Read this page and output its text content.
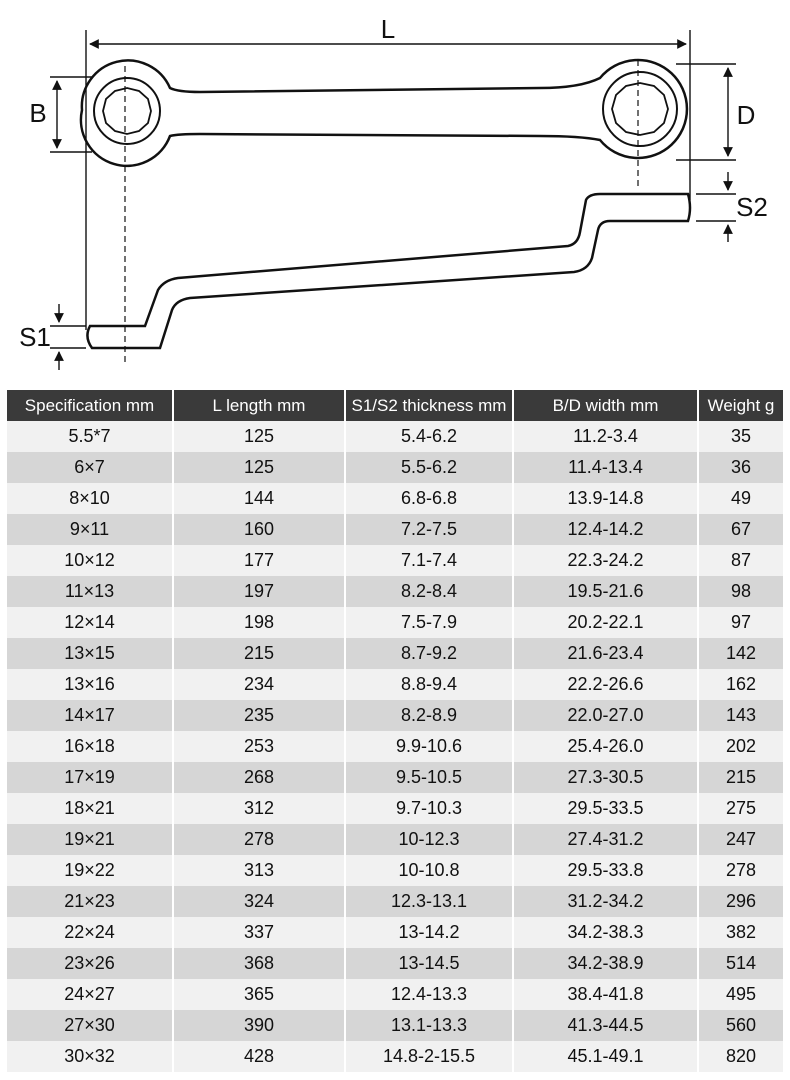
L
B	D
S2
S1
Specification mm	L length mm	S1/S2 thickness mm	B/D width mm	Weight g
5.5*7	125	5.4-6.2	11.2-3.4	35
6×7	125	5.5-6.2	11.4-13.4	36
8×10	144	6.8-6.8	13.9-14.8	49
9×11	160	7.2-7.5	12.4-14.2	67
10×12	177	7.1-7.4	22.3-24.2	87
11×13	197	8.2-8.4	19.5-21.6	98
12×14	198	7.5-7.9	20.2-22.1	97
13×15	215	8.7-9.2	21.6-23.4	142
13×16	234	8.8-9.4	22.2-26.6	162
14×17	235	8.2-8.9	22.0-27.0	143
16×18	253	9.9-10.6	25.4-26.0	202
17×19	268	9.5-10.5	27.3-30.5	215
18×21	312	9.7-10.3	29.5-33.5	275
19×21	278	10-12.3	27.4-31.2	247
19×22	313	10-10.8	29.5-33.8	278
21×23	324	12.3-13.1	31.2-34.2	296
22×24	337	13-14.2	34.2-38.3	382
23×26	368	13-14.5	34.2-38.9	514
24×27	365	12.4-13.3	38.4-41.8	495
27×30	390	13.1-13.3	41.3-44.5	560
30×32	428	14.8-2-15.5	45.1-49.1	820
